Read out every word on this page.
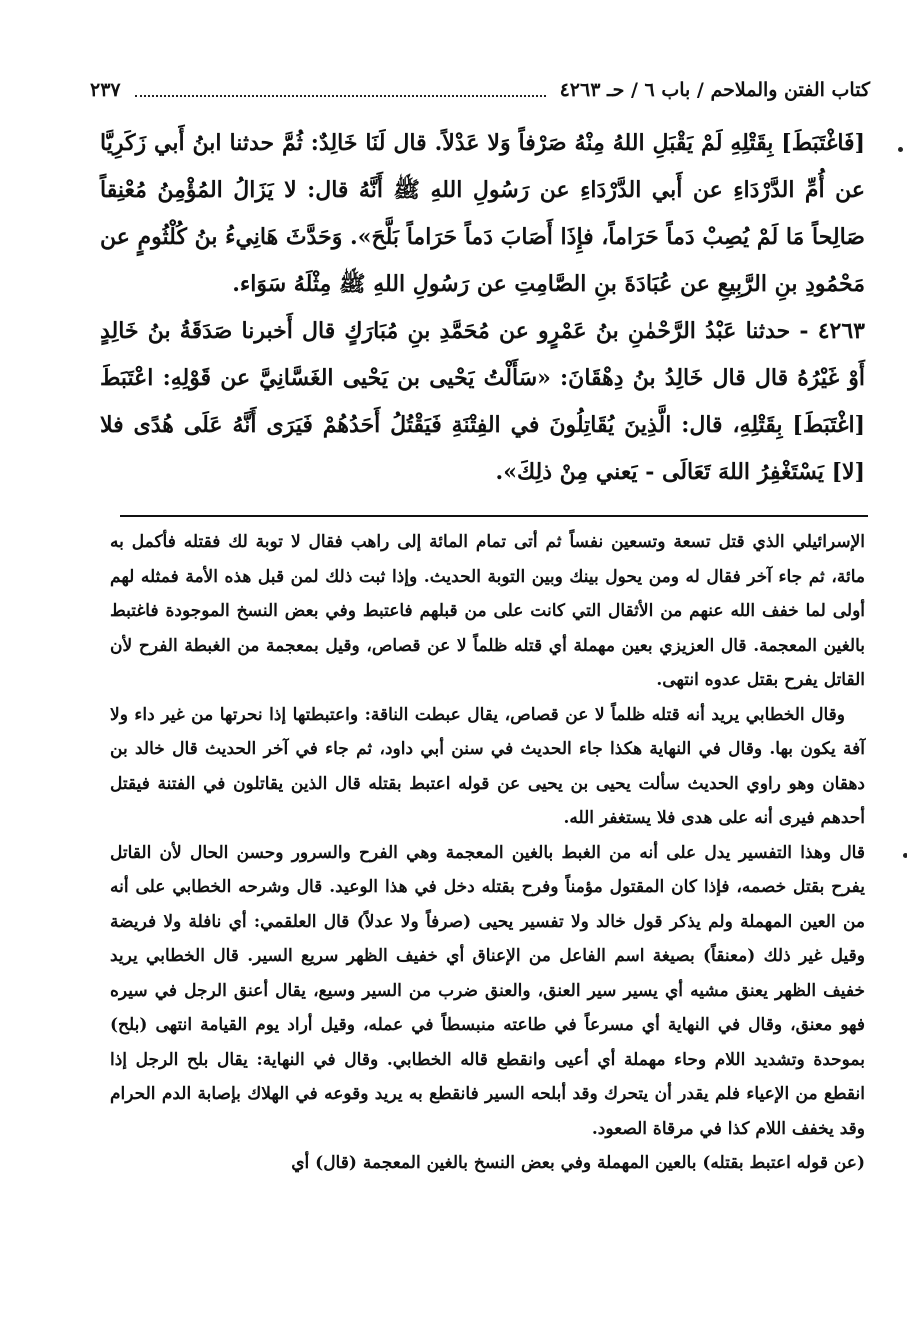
كتاب الفتن والملاحم / باب ٦ / حـ ٤٢٦٣
٢٣٧

[فَاغْتَبَطَ] بِقَتْلِهِ لَمْ يَقْبَلِ اللهُ مِنْهُ صَرْفاً وَلا عَدْلاً. قال لَنَا خَالِدٌ: ثُمَّ حدثنا ابنُ أَبي زَكَرِيَّا عن أُمِّ الدَّرْدَاءِ عن أَبي الدَّرْدَاءِ عن رَسُولِ اللهِ ﷺ أَنَّهُ قال: لا يَزَالُ المُؤْمِنُ مُعْنِقاً صَالِحاً مَا لَمْ يُصِبْ دَماً حَرَاماً، فإِذَا أَصَابَ دَماً حَرَاماً بَلَّحَ». وَحَدَّثَ هَانِيءُ بنُ كُلْثُومٍ عن مَحْمُودِ بنِ الرَّبِيعِ عن عُبَادَةَ بنِ الصَّامِتِ عن رَسُولِ اللهِ ﷺ مِثْلَهُ سَوَاء.

٤٢٦٣ - حدثنا عَبْدُ الرَّحْمٰنِ بنُ عَمْرٍو عن مُحَمَّدِ بنِ مُبَارَكٍ قال أَخبرنا صَدَقَةُ بنُ خَالِدٍ أَوْ غَيْرُهُ قال قال خَالِدُ بنُ دِهْقَانَ: «سَأَلْتُ يَحْيى بن يَحْيى الغَسَّانِيَّ عن قَوْلِهِ: اعْتَبَطَ [اغْتَبَطَ] بِقَتْلِهِ، قال: الَّذِينَ يُقَاتِلُونَ في الفِتْنَةِ فَيَقْتُلُ أَحَدُهُمْ فَيَرَى أَنَّهُ عَلَى هُدًى فلا [لا] يَسْتَغْفِرُ اللهَ تَعَالَى - يَعني مِنْ ذلِكَ».

الإسرائيلي الذي قتل تسعة وتسعين نفساً ثم أتى تمام المائة إلى راهب فقال لا توبة لك فقتله فأكمل به مائة، ثم جاء آخر فقال له ومن يحول بينك وبين التوبة الحديث. وإذا ثبت ذلك لمن قبل هذه الأمة فمثله لهم أولى لما خفف الله عنهم من الأثقال التي كانت على من قبلهم فاعتبط وفي بعض النسخ الموجودة فاغتبط بالغين المعجمة. قال العزيزي بعين مهملة أي قتله ظلماً لا عن قصاص، وقيل بمعجمة من الغبطة الفرح لأن القاتل يفرح بقتل عدوه انتهى.

وقال الخطابي يريد أنه قتله ظلماً لا عن قصاص، يقال عبطت الناقة: واعتبطتها إذا نحرتها من غير داء ولا آفة يكون بها. وقال في النهاية هكذا جاء الحديث في سنن أبي داود، ثم جاء في آخر الحديث قال خالد بن دهقان وهو راوي الحديث سألت يحيى بن يحيى عن قوله اعتبط بقتله قال الذين يقاتلون في الفتنة فيقتل أحدهم فيرى أنه على هدى فلا يستغفر الله.

قال وهذا التفسير يدل على أنه من الغبط بالغين المعجمة وهي الفرح والسرور وحسن الحال لأن القاتل يفرح بقتل خصمه، فإذا كان المقتول مؤمناً وفرح بقتله دخل في هذا الوعيد. قال وشرحه الخطابي على أنه من العين المهملة ولم يذكر قول خالد ولا تفسير يحيى (صرفاً ولا عدلاً) قال العلقمي: أي نافلة ولا فريضة وقيل غير ذلك (معنقاً) بصيغة اسم الفاعل من الإعناق أي خفيف الظهر سريع السير. قال الخطابي يريد خفيف الظهر يعنق مشيه أي يسير سير العنق، والعنق ضرب من السير وسيع، يقال أعنق الرجل في سيره فهو معنق، وقال في النهاية أي مسرعاً في طاعته منبسطاً في عمله، وقيل أراد يوم القيامة انتهى (بلح) بموحدة وتشديد اللام وحاء مهملة أي أعيى وانقطع قاله الخطابي. وقال في النهاية: يقال بلح الرجل إذا انقطع من الإعياء فلم يقدر أن يتحرك وقد أبلحه السير فانقطع به يريد وقوعه في الهلاك بإصابة الدم الحرام وقد يخفف اللام كذا في مرقاة الصعود.

(عن قوله اعتبط بقتله) بالعين المهملة وفي بعض النسخ بالغين المعجمة (قال) أي
